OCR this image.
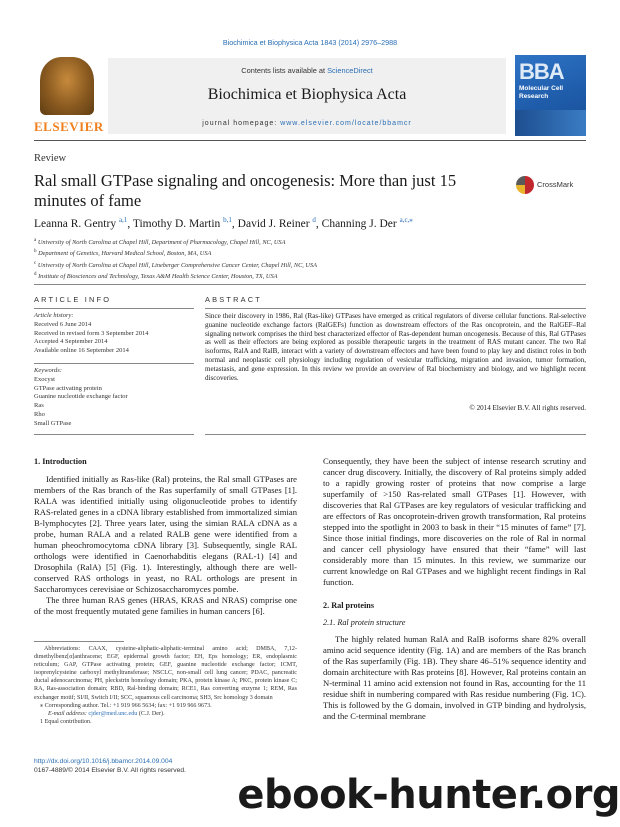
Biochimica et Biophysica Acta 1843 (2014) 2976–2988
ELSEVIER
Contents lists available at ScienceDirect
Biochimica et Biophysica Acta
journal homepage: www.elsevier.com/locate/bbamcr
BBA
Molecular Cell Research
Review
Ral small GTPase signaling and oncogenesis: More than just 15 minutes of fame
CrossMark
Leanna R. Gentry $^{a,1}$, Timothy D. Martin $^{b,1}$, David J. Reiner $^d$, Channing J. Der $^{a,c,⁎}$
$^a$ University of North Carolina at Chapel Hill, Department of Pharmacology, Chapel Hill, NC, USA
$^b$ Department of Genetics, Harvard Medical School, Boston, MA, USA
$^c$ University of North Carolina at Chapel Hill, Lineberger Comprehensive Cancer Center, Chapel Hill, NC, USA
$^d$ Institute of Biosciences and Technology, Texas A&M Health Science Center, Houston, TX, USA
ARTICLE INFO	ABSTRACT
Article history:
Received 6 June 2014
Received in revised form 3 September 2014
Accepted 4 September 2014
Available online 16 September 2014
Keywords:
Exocyst
GTPase activating protein
Guanine nucleotide exchange factor
Ras
Rho
Small GTPase
Since their discovery in 1986, Ral (Ras-like) GTPases have emerged as critical regulators of diverse cellular functions. Ral-selective guanine nucleotide exchange factors (RalGEFs) function as downstream effectors of the Ras oncoprotein, and the RalGEF–Ral signaling network comprises the third best characterized effector of Ras-dependent human oncogenesis. Because of this, Ral GTPases as well as their effectors are being explored as possible therapeutic targets in the treatment of RAS mutant cancer. The two Ral isoforms, RalA and RalB, interact with a variety of downstream effectors and have been found to play key and distinct roles in both normal and neoplastic cell physiology including regulation of vesicular trafficking, migration and invasion, tumor formation, metastasis, and gene expression. In this review we provide an overview of Ral biochemistry and biology, and we highlight recent discoveries.
© 2014 Elsevier B.V. All rights reserved.
1. Introduction

Identified initially as Ras-like (Ral) proteins, the Ral small GTPases are members of the Ras branch of the Ras superfamily of small GTPases [1]. RALA was identified initially using oligonucleotide probes to identify RAS-related genes in a cDNA library established from immortalized simian B-lymphocytes [2]. Three years later, using the simian RALA cDNA as a probe, human RALA and a related RALB gene were identified from a human pheochromocytoma cDNA library [3]. Subsequently, single RAL orthologs were identified in Caenorhabditis elegans (RAL-1) [4] and Drosophila (RalA) [5] (Fig. 1). Interestingly, although there are well-conserved RAS orthologs in yeast, no RAL orthologs are present in Saccharomyces cerevisiae or Schizosaccharomyces pombe.

The three human RAS genes (HRAS, KRAS and NRAS) comprise one of the most frequently mutated gene families in human cancers [6].

Abbreviations: CAAX, cysteine-aliphatic-aliphatic-terminal amino acid; DMBA, 7,12-dimethylbenz[α]anthracene; EGF, epidermal growth factor; EH, Eps homology; ER, endoplasmic reticulum; GAP, GTPase activating protein; GEF, guanine nucleotide exchange factor; ICMT, isoprenylcysteine carboxyl methyltransferase; NSCLC, non-small cell lung cancer; PDAC, pancreatic ductal adenocarcinoma; PH, pleckstrin homology domain; PKA, protein kinase A; PKC, protein kinase C; RA, Ras-association domain; RBD, Ral-binding domain; RCE1, Ras converting enzyme 1; REM, Ras exchanger motif; SI/II, Switch I/II; SCC, squamous cell carcinoma; SH3, Src homology 3 domain
⁎ Corresponding author. Tel.: +1 919 966 5634; fax: +1 919 966 9673.
E-mail address: cjder@med.unc.edu (C.J. Der).
1 Equal contribution.

Consequently, they have been the subject of intense research scrutiny and cancer drug discovery. Initially, the discovery of Ral proteins simply added to a rapidly growing roster of proteins that now comprise a large superfamily of >150 Ras-related small GTPases [1]. However, with discoveries that Ral GTPases are key regulators of vesicular trafficking and are effectors of Ras oncoprotein-driven growth transformation, Ral proteins stepped into the spotlight in 2003 to bask in their “15 minutes of fame” [7]. Since those initial findings, more discoveries on the role of Ral in normal and cancer cell physiology have ensured that their “fame” will last considerably more than 15 minutes. In this review, we summarize our current knowledge on Ral GTPases and we highlight recent findings in Ral function.

2. Ral proteins
2.1. Ral protein structure

The highly related human RalA and RalB isoforms share 82% overall amino acid sequence identity (Fig. 1A) and are members of the Ras branch of the Ras superfamily (Fig. 1B). They share 46–51% sequence identity and domain architecture with Ras proteins [8]. However, Ral proteins contain an N-terminal 11 amino acid extension not found in Ras, accounting for the 11 residue shift in numbering compared with Ras residue numbering (Fig. 1C). This is followed by the G domain, involved in GTP binding and hydrolysis, and the C-terminal membrane

http://dx.doi.org/10.1016/j.bbamcr.2014.09.004
0167-4889/© 2014 Elsevier B.V. All rights reserved.
ebook-hunter.org
